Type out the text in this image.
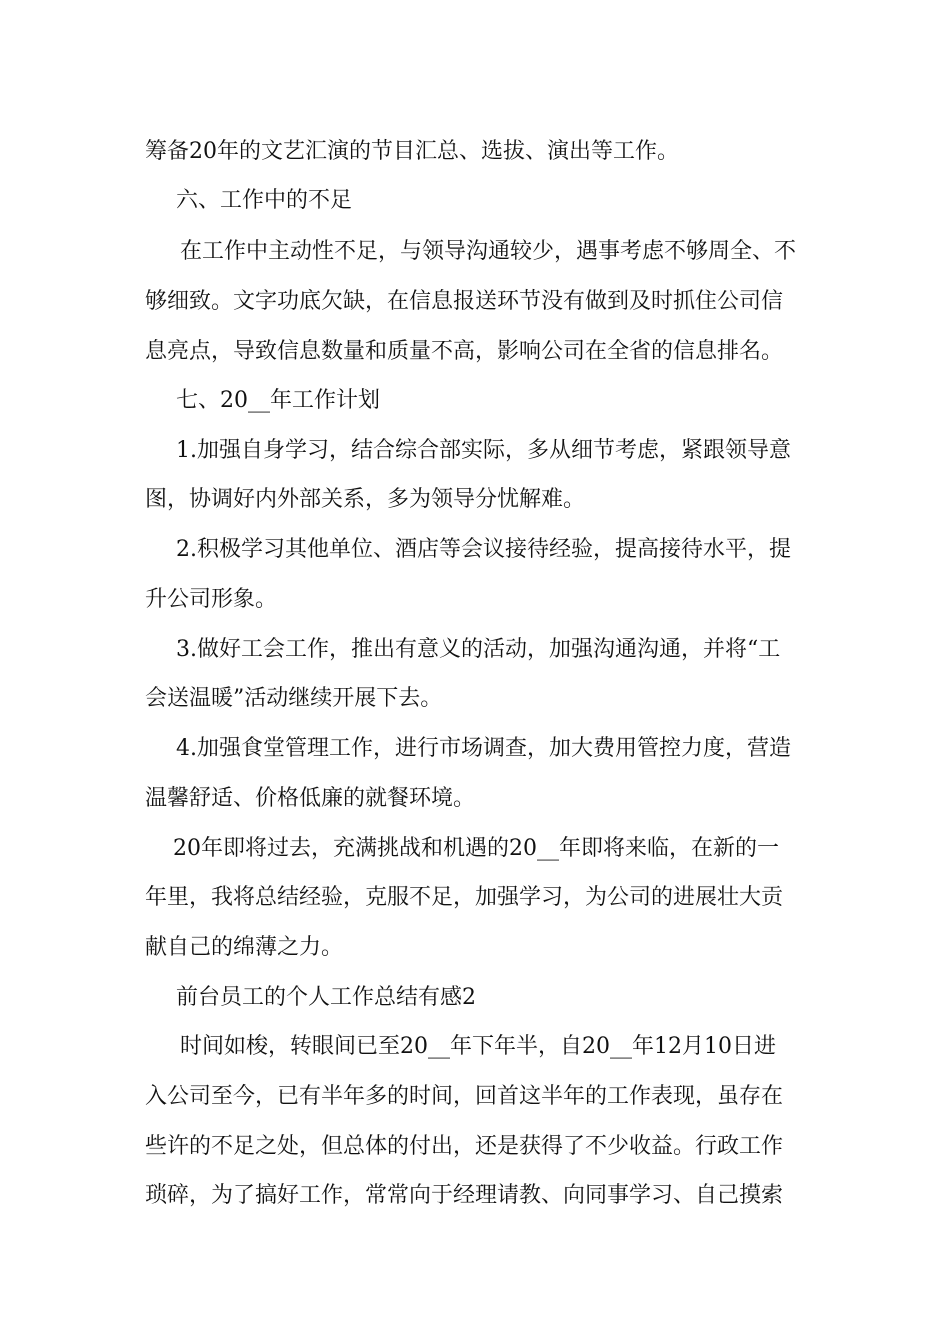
筹备20年的文艺汇演的节目汇总、选拔、演出等工作。
六、工作中的不足
在工作中主动性不足，与领导沟通较少，遇事考虑不够周全、不
够细致。文字功底欠缺，在信息报送环节没有做到及时抓住公司信
息亮点，导致信息数量和质量不高，影响公司在全省的信息排名。
七、20__年工作计划
1.加强自身学习，结合综合部实际，多从细节考虑，紧跟领导意
图，协调好内外部关系，多为领导分忧解难。
2.积极学习其他单位、酒店等会议接待经验，提高接待水平，提
升公司形象。
3.做好工会工作，推出有意义的活动，加强沟通沟通，并将“工
会送温暖”活动继续开展下去。
4.加强食堂管理工作，进行市场调查，加大费用管控力度，营造
温馨舒适、价格低廉的就餐环境。
20年即将过去，充满挑战和机遇的20__年即将来临，在新的一
年里，我将总结经验，克服不足，加强学习，为公司的进展壮大贡
献自己的绵薄之力。
前台员工的个人工作总结有感2
时间如梭，转眼间已至20__年下年半，自20__年12月10日进
入公司至今，已有半年多的时间，回首这半年的工作表现，虽存在
些许的不足之处，但总体的付出，还是获得了不少收益。行政工作
琐碎，为了搞好工作，常常向于经理请教、向同事学习、自己摸索
